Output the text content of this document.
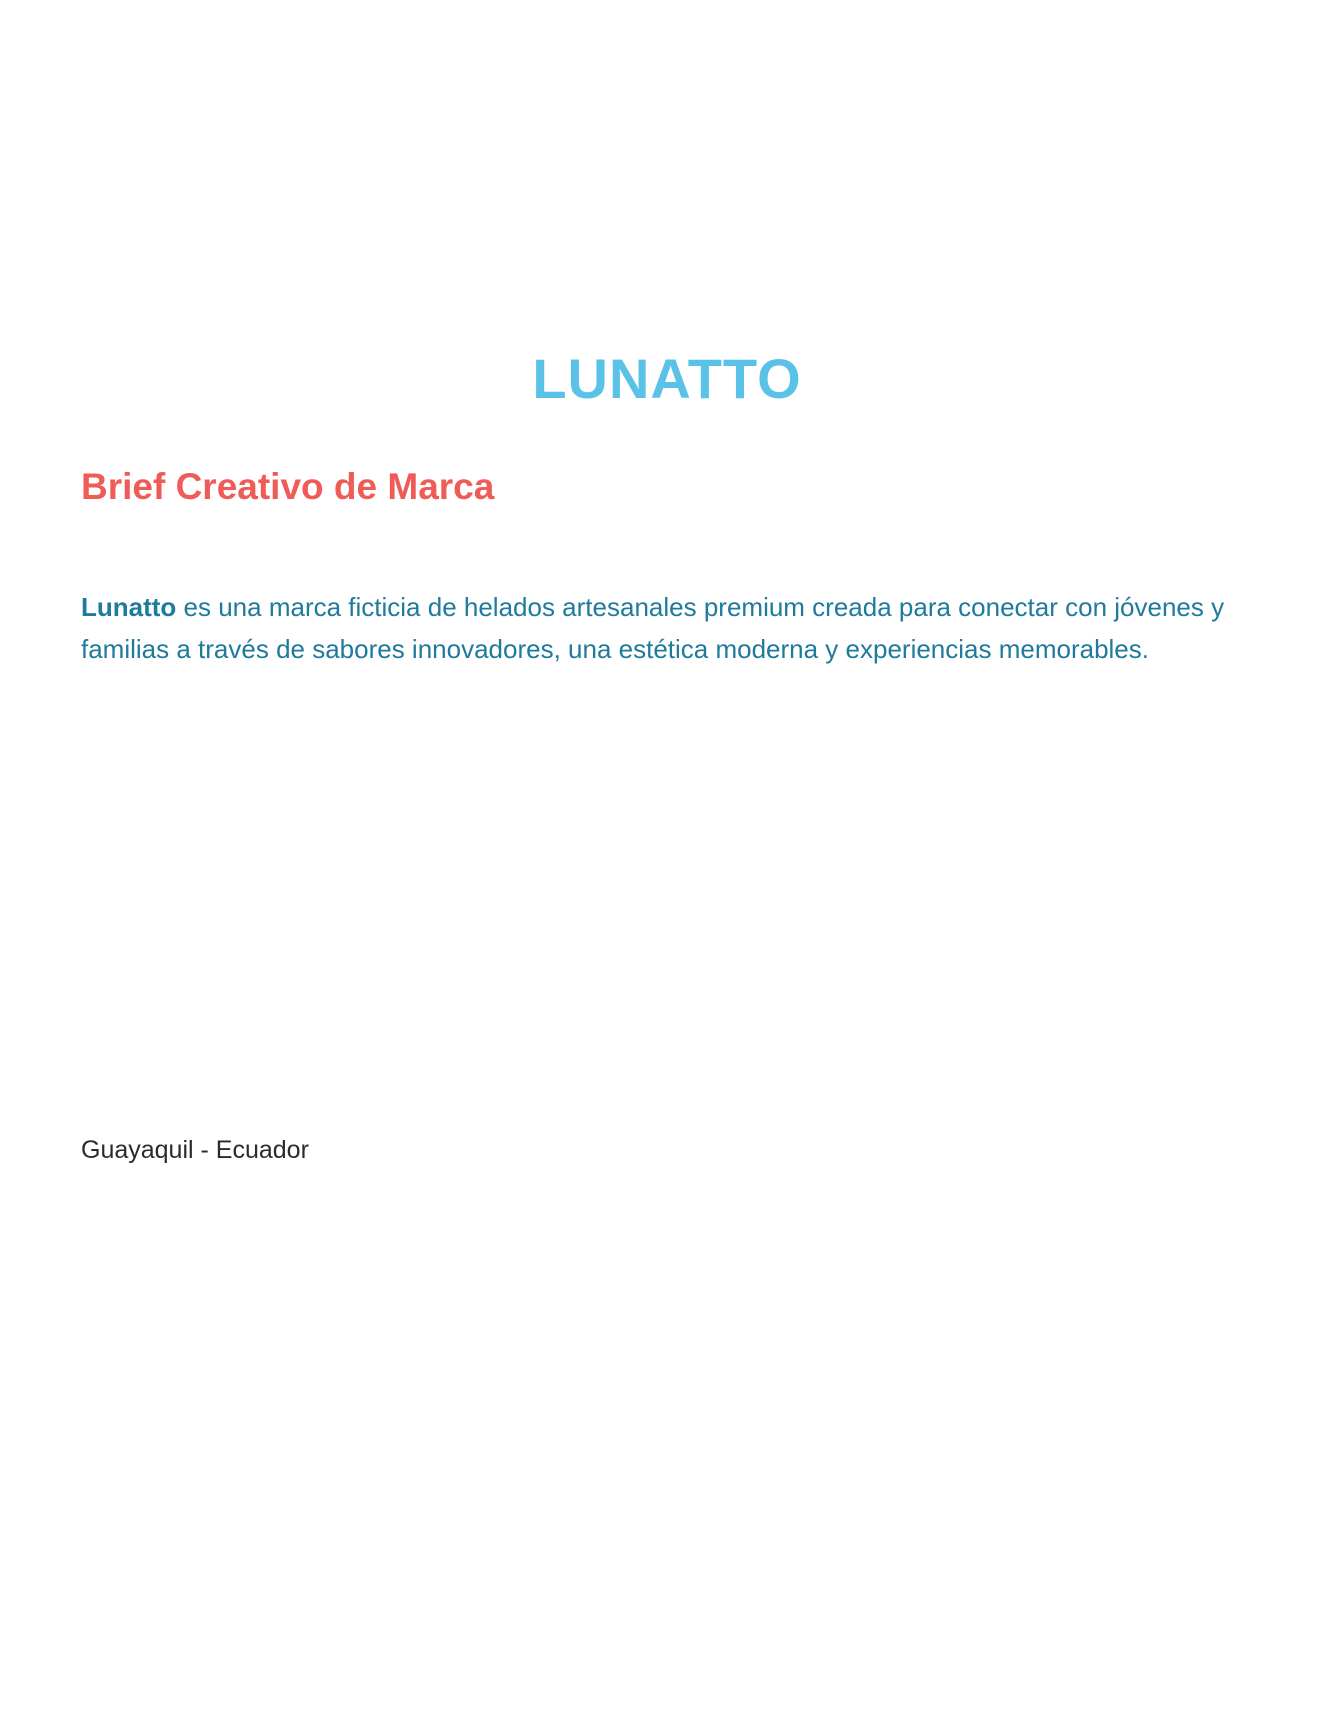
LUNATTO
Brief Creativo de Marca

Lunatto es una marca ficticia de helados artesanales premium creada para conectar con jóvenes y familias a través de sabores innovadores, una estética moderna y experiencias memorables.

Guayaquil - Ecuador
